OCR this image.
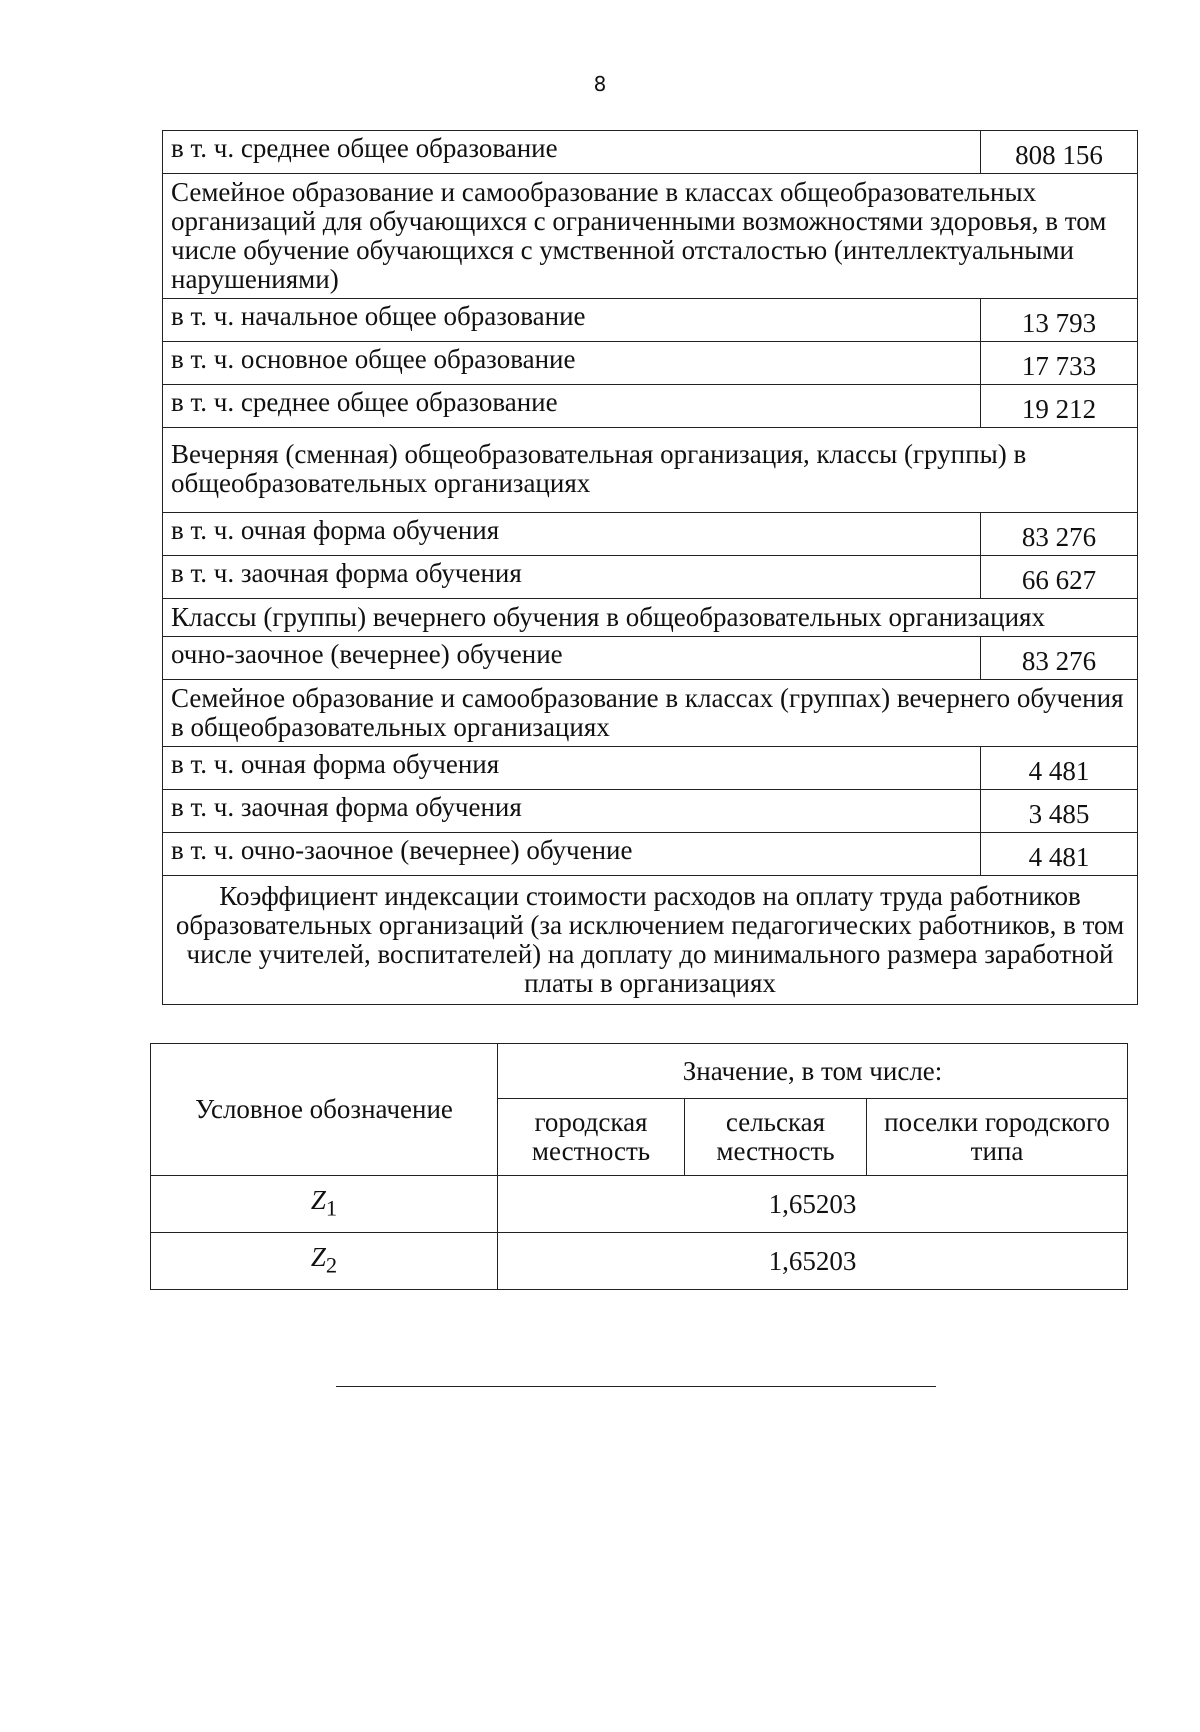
8
в т. ч. среднее общее образование	808 156
Семейное образование и самообразование в классах общеобразовательных организаций для обучающихся с ограниченными возможностями здоровья, в том числе обучение обучающихся с умственной отсталостью (интеллектуальными нарушениями)	
в т. ч. начальное общее образование	13 793
в т. ч. основное общее образование	17 733
в т. ч. среднее общее образование	19 212
Вечерняя (сменная) общеобразовательная организация, классы (группы) в общеобразовательных организациях	
в т. ч. очная форма обучения	83 276
в т. ч. заочная форма обучения	66 627
Классы (группы) вечернего обучения в общеобразовательных организациях	
очно-заочное (вечернее) обучение	83 276
Семейное образование и самообразование в классах (группах) вечернего обучения в общеобразовательных организациях	
в т. ч. очная форма обучения	4 481
в т. ч. заочная форма обучения	3 485
в т. ч. очно-заочное (вечернее) обучение	4 481
Коэффициент индексации стоимости расходов на оплату труда работников образовательных организаций (за исключением педагогических работников, в том числе учителей, воспитателей) на доплату до минимального размера заработной платы в организациях	
Условное обозначение	Значение, в том числе:		
	городская местность	сельская местность	поселки городского типа
$Z_1$	1,65203		
$Z_2$	1,65203		
